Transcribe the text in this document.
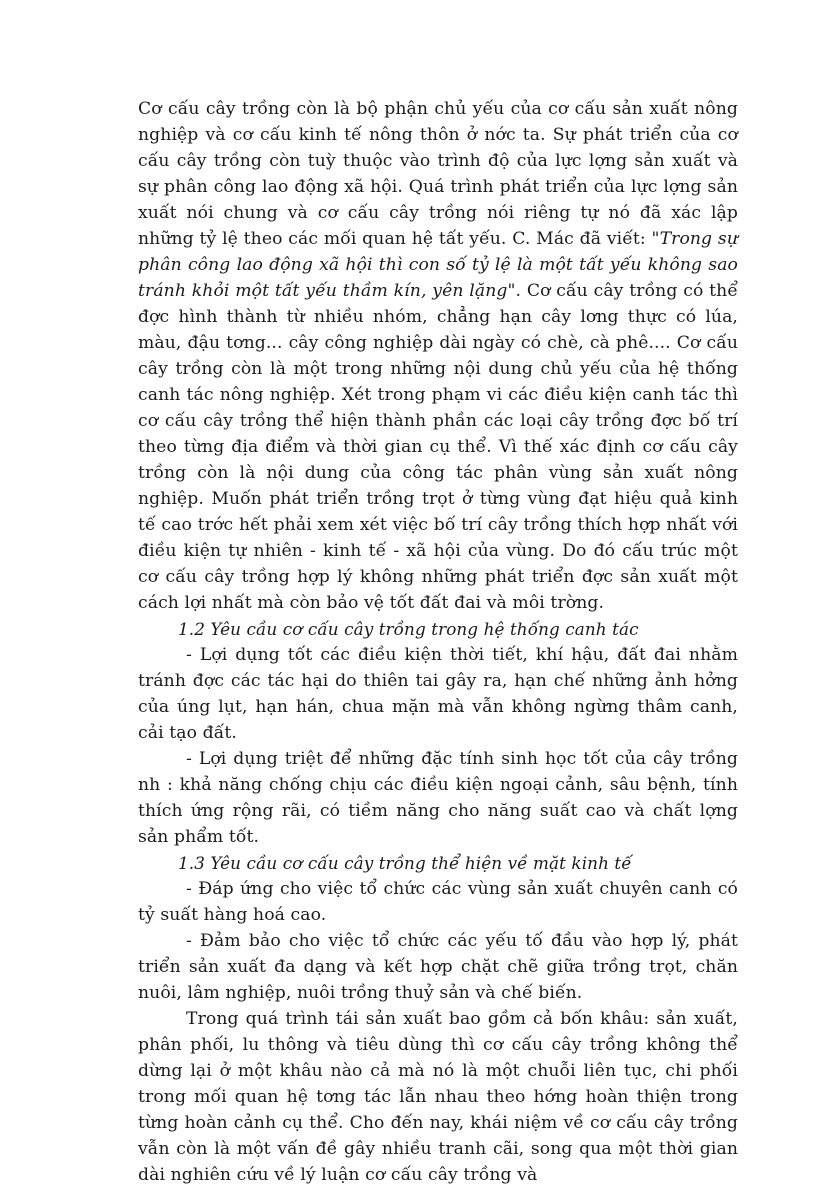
Cơ cấu cây trồng còn là bộ phận chủ yếu của cơ cấu sản xuất nông nghiệp và cơ cấu kinh tế nông thôn ở nớc ta. Sự phát triển của cơ cấu cây trồng còn tuỳ thuộc vào trình độ của lực lợng sản xuất và sự phân công lao động xã hội. Quá trình phát triển của lực lợng sản xuất nói chung và cơ cấu cây trồng nói riêng tự nó đã xác lập những tỷ lệ theo các mối quan hệ tất yếu. C. Mác đã viết: "Trong sự phân công lao động xã hội thì con số tỷ lệ là một tất yếu không sao tránh khỏi một tất yếu thầm kín, yên lặng". Cơ cấu cây trồng có thể đợc hình thành từ nhiều nhóm, chẳng hạn cây lơng thực có lúa, màu, đậu tơng... cây công nghiệp dài ngày có chè, cà phê.... Cơ cấu cây trồng còn là một trong những nội dung chủ yếu của hệ thống canh tác nông nghiệp. Xét trong phạm vi các điều kiện canh tác thì cơ cấu cây trồng thể hiện thành phần các loại cây trồng đợc bố trí theo từng địa điểm và thời gian cụ thể. Vì thế xác định cơ cấu cây trồng còn là nội dung của công tác phân vùng sản xuất nông nghiệp. Muốn phát triển trồng trọt ở từng vùng đạt hiệu quả kinh tế cao trớc hết phải xem xét việc bố trí cây trồng thích hợp nhất với điều kiện tự nhiên - kinh tế - xã hội của vùng. Do đó cấu trúc một cơ cấu cây trồng hợp lý không những phát triển đợc sản xuất một cách lợi nhất mà còn bảo vệ tốt đất đai và môi trờng.

1.2 Yêu cầu cơ cấu cây trồng trong hệ thống canh tác

- Lợi dụng tốt các điều kiện thời tiết, khí hậu, đất đai nhằm tránh đợc các tác hại do thiên tai gây ra, hạn chế những ảnh hởng của úng lụt, hạn hán, chua mặn mà vẫn không ngừng thâm canh, cải tạo đất.

- Lợi dụng triệt để những đặc tính sinh học tốt của cây trồng nh : khả năng chống chịu các điều kiện ngoại cảnh, sâu bệnh, tính thích ứng rộng rãi, có tiềm năng cho năng suất cao và chất lợng sản phẩm tốt.

1.3 Yêu cầu cơ cấu cây trồng thể hiện về mặt kinh tế

- Đáp ứng cho việc tổ chức các vùng sản xuất chuyên canh có tỷ suất hàng hoá cao.

- Đảm bảo cho việc tổ chức các yếu tố đầu vào hợp lý, phát triển sản xuất đa dạng và kết hợp chặt chẽ giữa trồng trọt, chăn nuôi, lâm nghiệp, nuôi trồng thuỷ sản và chế biến.

Trong quá trình tái sản xuất bao gồm cả bốn khâu: sản xuất, phân phối, lu thông và tiêu dùng thì cơ cấu cây trồng không thể dừng lại ở một khâu nào cả mà nó là một chuỗi liên tục, chi phối trong mối quan hệ tơng tác lẫn nhau theo hớng hoàn thiện trong từng hoàn cảnh cụ thể. Cho đến nay, khái niệm về cơ cấu cây trồng vẫn còn là một vấn đề gây nhiều tranh cãi, song qua một thời gian dài nghiên cứu về lý luận cơ cấu cây trồng và
